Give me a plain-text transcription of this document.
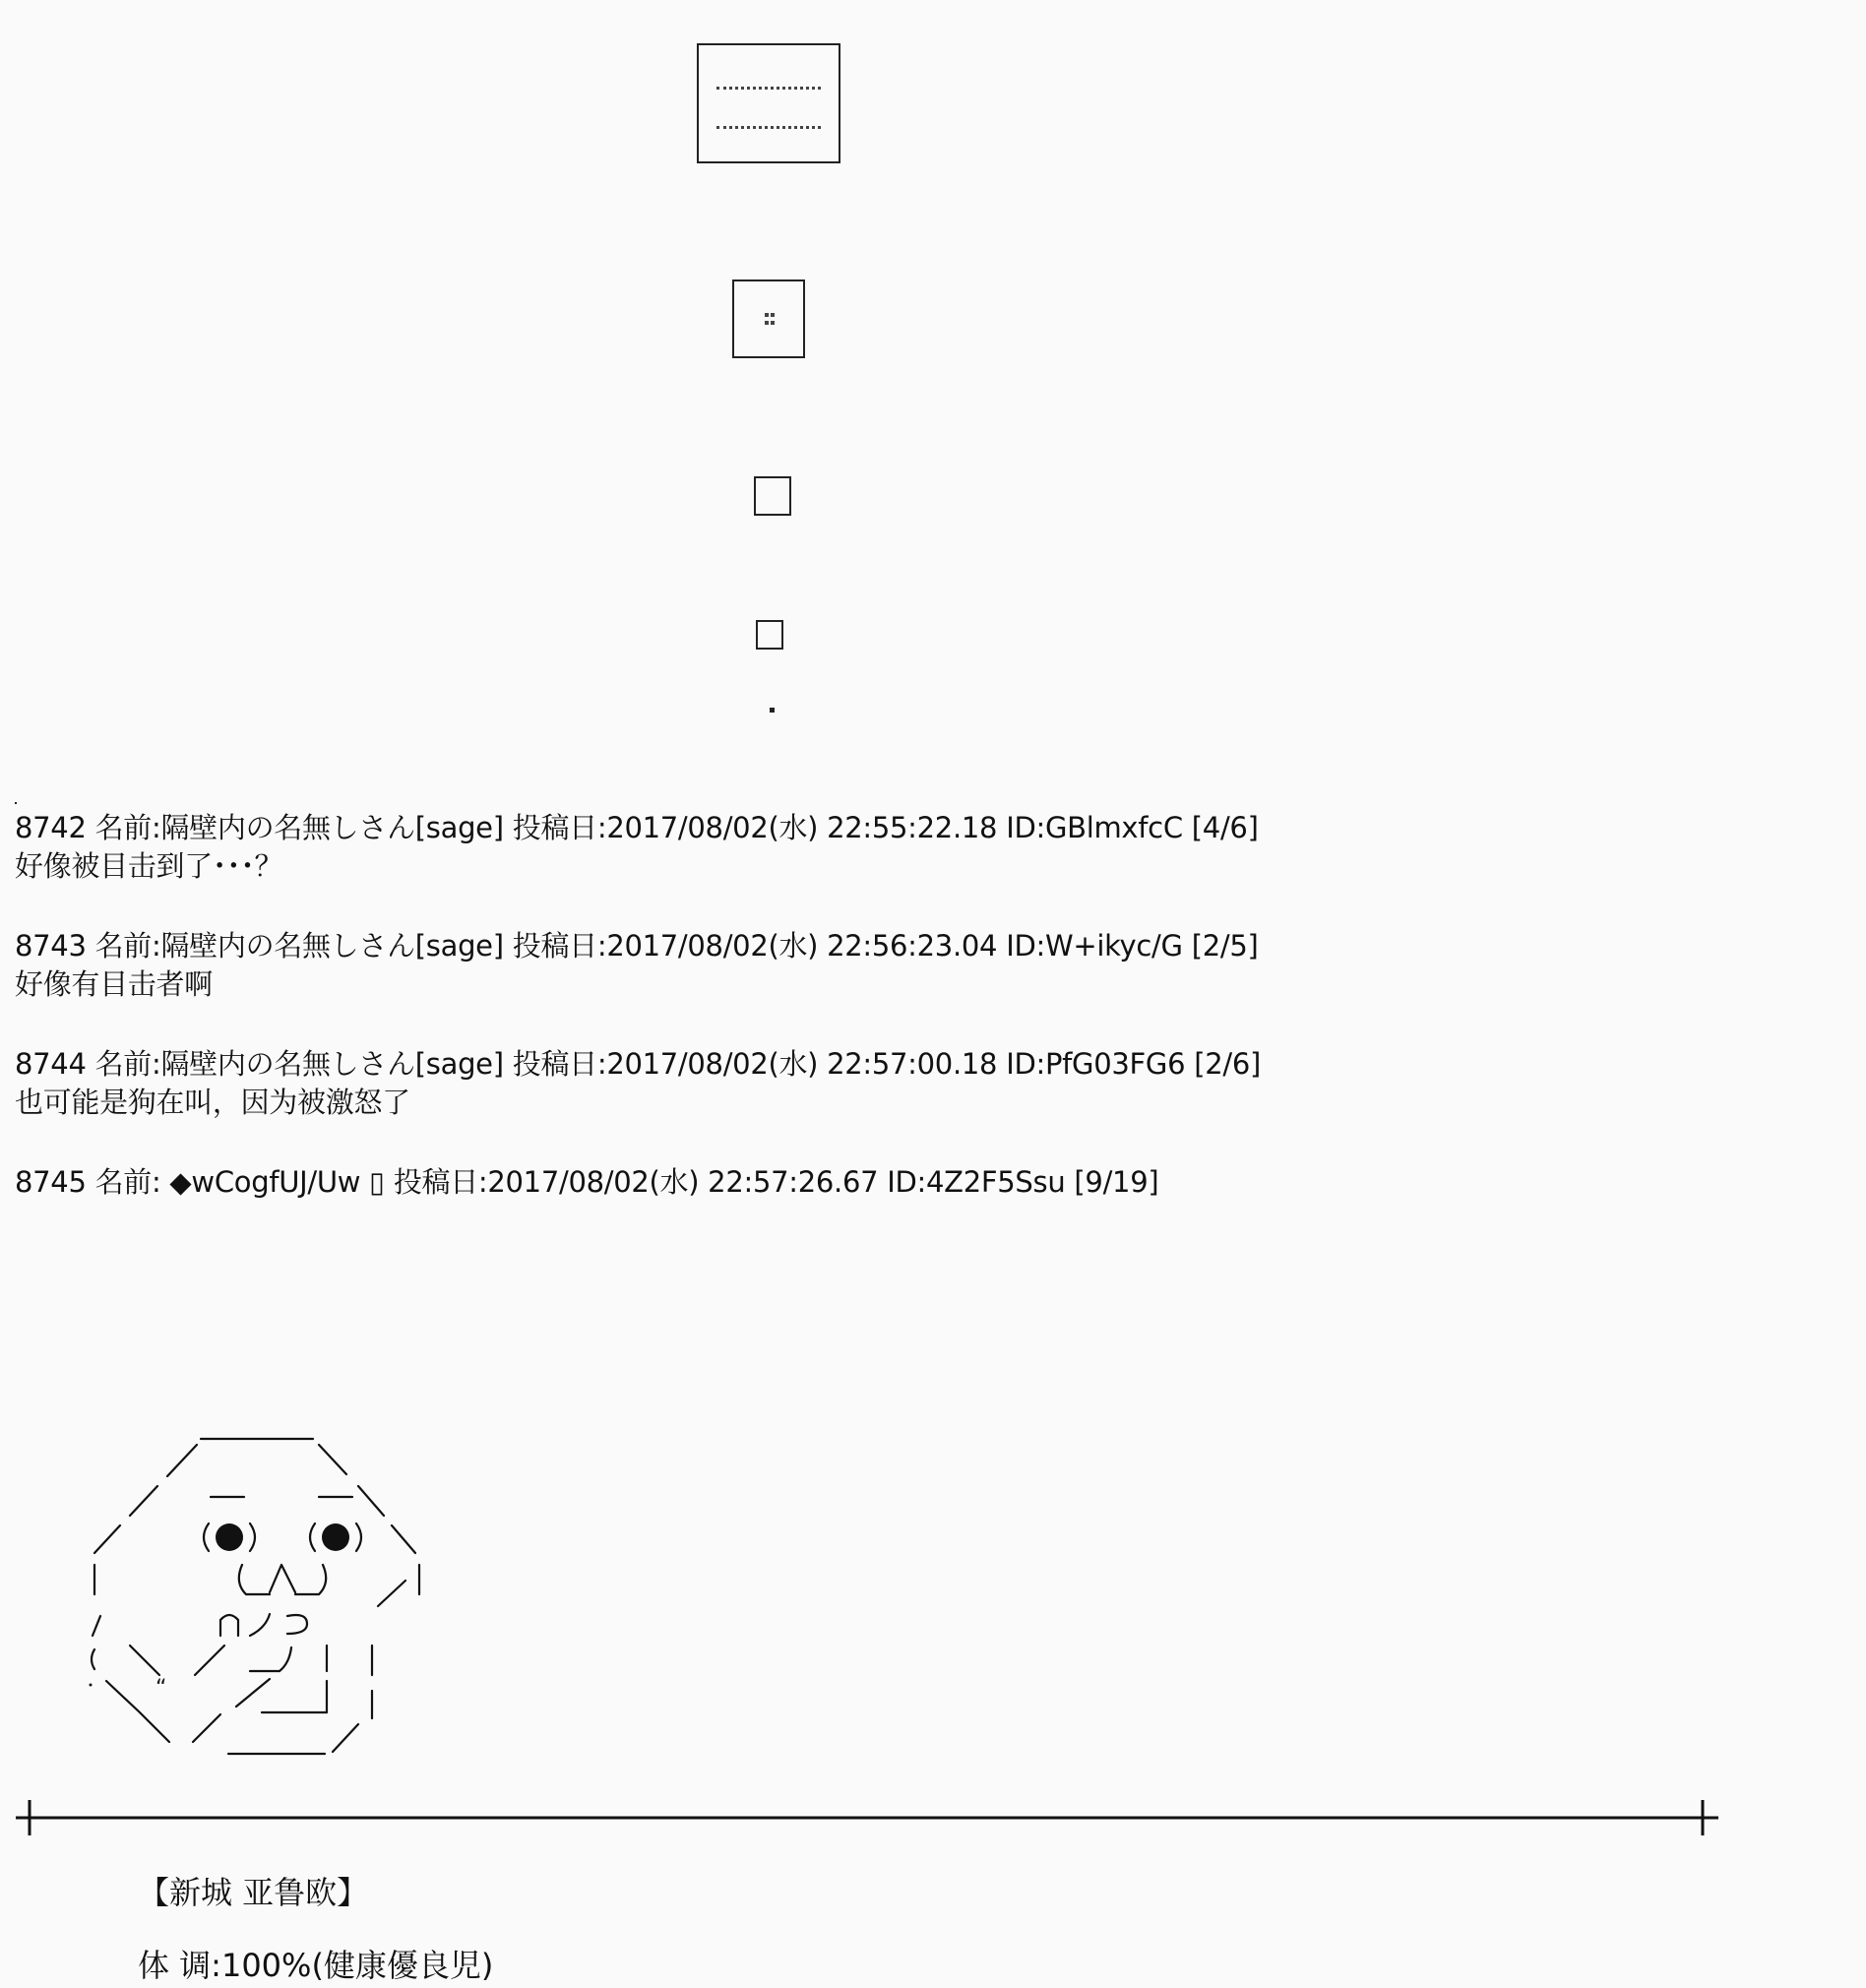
8742 名前:隔壁内の名無しさん[sage] 投稿日:2017/08/02(水) 22:55:22.18 ID:GBlmxfcC [4/6]
好像被目击到了･･･？
8743 名前:隔壁内の名無しさん[sage] 投稿日:2017/08/02(水) 22:56:23.04 ID:W+ikyc/G [2/5]
好像有目击者啊
8744 名前:隔壁内の名無しさん[sage] 投稿日:2017/08/02(水) 22:57:00.18 ID:PfG03FG6 [2/6]
也可能是狗在叫，因为被激怒了
8745 名前: ◆wCogfUJ/Uw ▯ 投稿日:2017/08/02(水) 22:57:26.67 ID:4Z2F5Ssu [9/19]
“
【新城 亚鲁欧】
体 调:100%(健康優良児)
